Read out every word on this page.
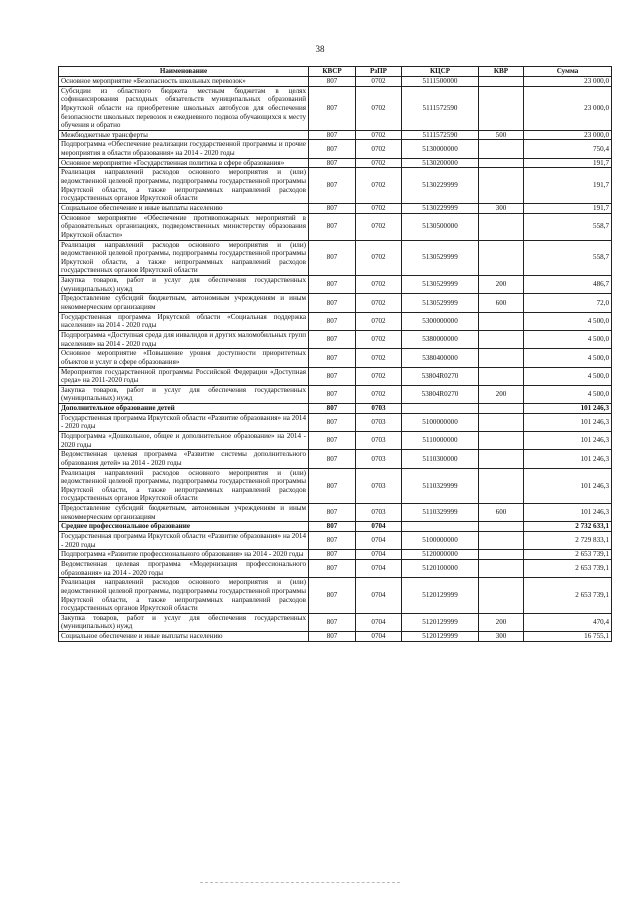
38
Наименование	КВСР	РзПР	КЦСР	КВР	Сумма
Основное мероприятие «Безопасность школьных перевозок»	807	0702	5111500000		23 000,0
Субсидии из областного бюджета местным бюджетам в целях софинансирования расходных обязательств муниципальных образований Иркутской области на приобретение школьных автобусов для обеспечения безопасности школьных перевозок и ежедневного подвоза обучающихся к месту обучения и обратно	807	0702	5111572590		23 000,0
Межбюджетные трансферты	807	0702	5111572590	500	23 000,0
Подпрограмма «Обеспечение реализации государственной программы и прочие мероприятия в области образования» на 2014 - 2020 годы	807	0702	5130000000		750,4
Основное мероприятие «Государственная политика в сфере образования»	807	0702	5130200000		191,7
Реализация направлений расходов основного мероприятия и (или) ведомственной целевой программы, подпрограммы государственной программы Иркутской области, а также непрограммных направлений расходов государственных органов Иркутской области	807	0702	5130229999		191,7
Социальное обеспечение и иные выплаты населению	807	0702	5130229999	300	191,7
Основное мероприятие «Обеспечение противопожарных мероприятий в образовательных организациях, подведомственных министерству образования Иркутской области»	807	0702	5130500000		558,7
Реализация направлений расходов основного мероприятия и (или) ведомственной целевой программы, подпрограммы государственной программы Иркутской области, а также непрограммных направлений расходов государственных органов Иркутской области	807	0702	5130529999		558,7
Закупка товаров, работ и услуг для обеспечения государственных (муниципальных) нужд	807	0702	5130529999	200	486,7
Предоставление субсидий бюджетным, автономным учреждениям и иным некоммерческим организациям	807	0702	5130529999	600	72,0
Государственная программа Иркутской области «Социальная поддержка населения» на 2014 - 2020 годы	807	0702	5300000000		4 500,0
Подпрограмма «Доступная среда для инвалидов и других маломобильных групп населения» на 2014 - 2020 годы	807	0702	5380000000		4 500,0
Основное мероприятие «Повышение уровня доступности приоритетных объектов и услуг в сфере образования»	807	0702	5380400000		4 500,0
Мероприятия государственной программы Российской Федерации «Доступная среда» на 2011-2020 годы	807	0702	53804R0270		4 500,0
Закупка товаров, работ и услуг для обеспечения государственных (муниципальных) нужд	807	0702	53804R0270	200	4 500,0
Дополнительное образование детей	807	0703			101 246,3
Государственная программа Иркутской области «Развитие образования» на 2014 - 2020 годы	807	0703	5100000000		101 246,3
Подпрограмма «Дошкольное, общее и дополнительное образование» на 2014 - 2020 годы	807	0703	5110000000		101 246,3
Ведомственная целевая программа «Развитие системы дополнительного образования детей» на 2014 - 2020 годы	807	0703	5110300000		101 246,3
Реализация направлений расходов основного мероприятия и (или) ведомственной целевой программы, подпрограммы государственной программы Иркутской области, а также непрограммных направлений расходов государственных органов Иркутской области	807	0703	5110329999		101 246,3
Предоставление субсидий бюджетным, автономным учреждениям и иным некоммерческим организациям	807	0703	5110329999	600	101 246,3
Среднее профессиональное образование	807	0704			2 732 633,1
Государственная программа Иркутской области «Развитие образования» на 2014 - 2020 годы	807	0704	5100000000		2 729 833,1
Подпрограмма «Развитие профессионального образования» на 2014 - 2020 годы	807	0704	5120000000		2 653 739,1
Ведомственная целевая программа «Модернизация профессионального образования» на 2014 - 2020 годы	807	0704	5120100000		2 653 739,1
Реализация направлений расходов основного мероприятия и (или) ведомственной целевой программы, подпрограммы государственной программы Иркутской области, а также непрограммных направлений расходов государственных органов Иркутской области	807	0704	5120129999		2 653 739,1
Закупка товаров, работ и услуг для обеспечения государственных (муниципальных) нужд	807	0704	5120129999	200	470,4
Социальное обеспечение и иные выплаты населению	807	0704	5120129999	300	16 755,1
